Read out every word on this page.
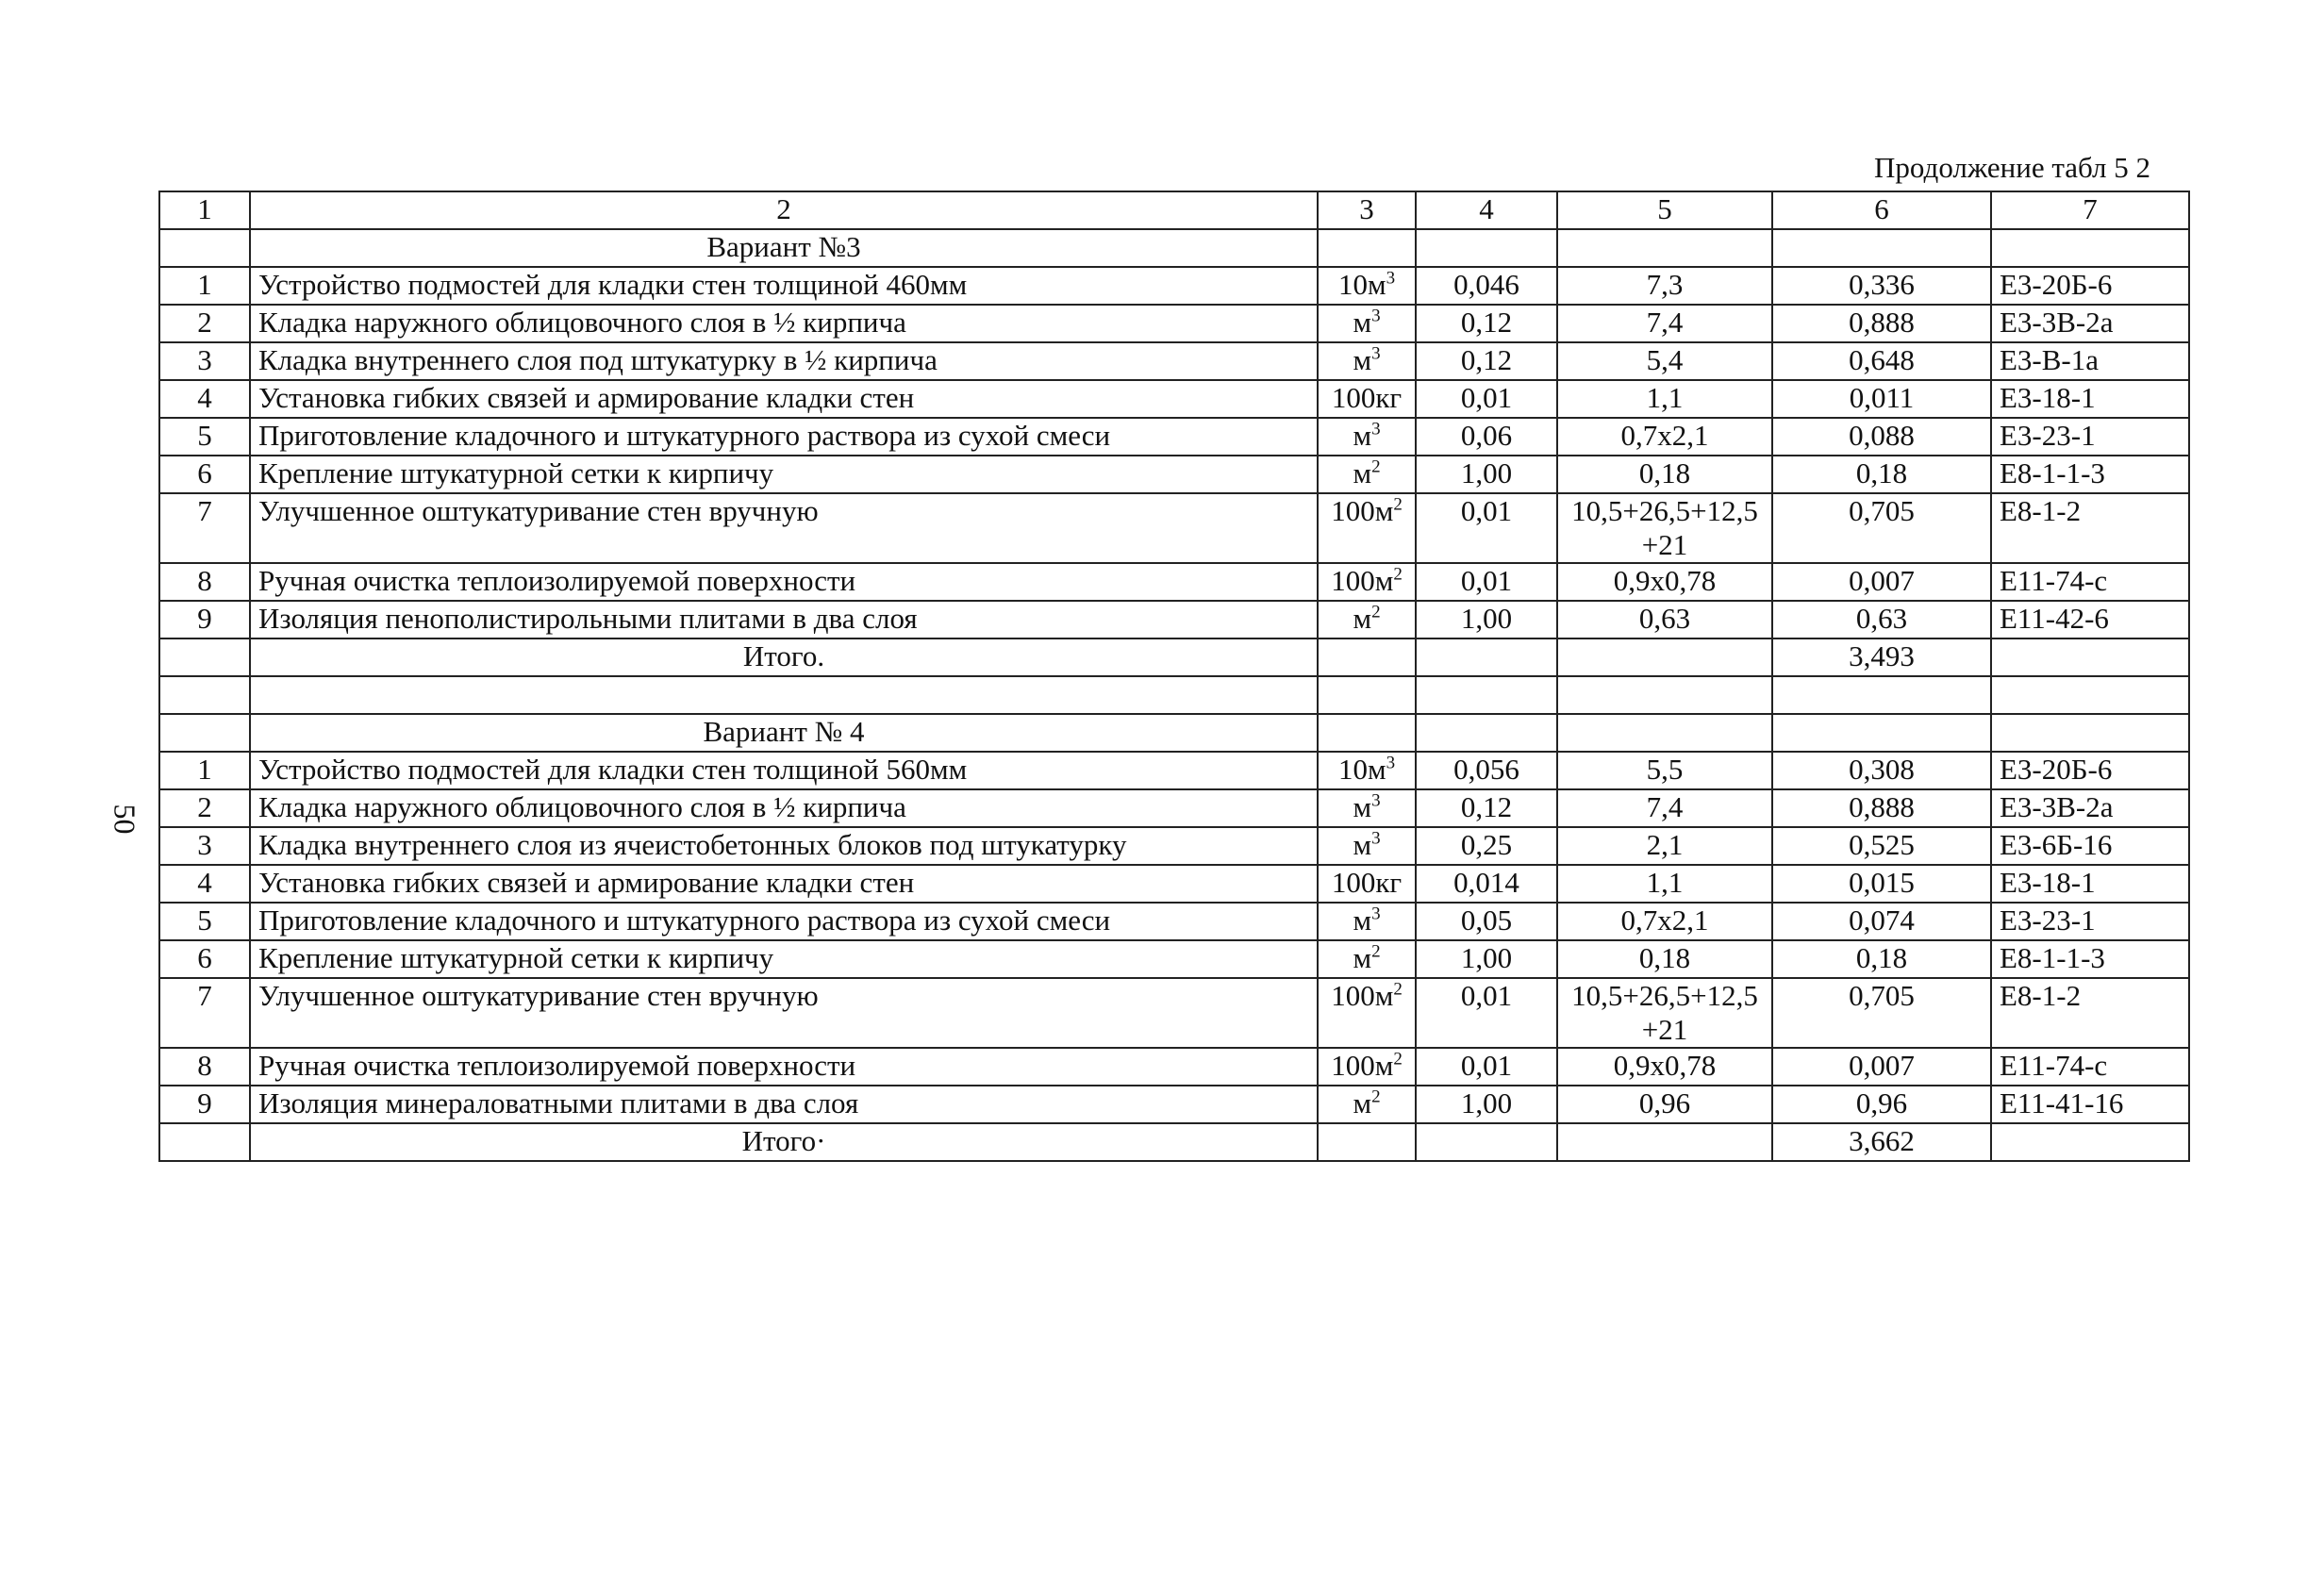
Продолжение табл 5 2
50
1	2	3	4	5	6	7
	Вариант №3					
1	Устройство подмостей для кладки стен толщиной 460мм	$10м^3$	0,046	7,3	0,336	Е3-20Б-6
2	Кладка наружного облицовочного слоя в ½ кирпича	$м^3$	0,12	7,4	0,888	Е3-3В-2а
3	Кладка внутреннего слоя под штукатурку в ½ кирпича	$м^3$	0,12	5,4	0,648	Е3-В-1а
4	Установка гибких связей и армирование кладки стен	100кг	0,01	1,1	0,011	Е3-18-1
5	Приготовление кладочного и штукатурного раствора из сухой смеси	$м^3$	0,06	0,7х2,1	0,088	Е3-23-1
6	Крепление штукатурной сетки к кирпичу	$м^2$	1,00	0,18	0,18	Е8-1-1-3
7	Улучшенное оштукатуривание стен вручную	$100м^2$	0,01	10,5+26,5+12,5 +21	0,705	Е8-1-2
8	Ручная очистка теплоизолируемой поверхности	$100м^2$	0,01	0,9х0,78	0,007	Е11-74-с
9	Изоляция пенополистирольными плитами в два слоя	$м^2$	1,00	0,63	0,63	Е11-42-6
	Итого.				3,493	

	Вариант № 4					
1	Устройство подмостей для кладки стен толщиной 560мм	$10м^3$	0,056	5,5	0,308	Е3-20Б-6
2	Кладка наружного облицовочного слоя в ½ кирпича	$м^3$	0,12	7,4	0,888	Е3-3В-2а
3	Кладка внутреннего слоя из ячеистобетонных блоков под штукатурку	$м^3$	0,25	2,1	0,525	Е3-6Б-16
4	Установка гибких связей и армирование кладки стен	100кг	0,014	1,1	0,015	Е3-18-1
5	Приготовление кладочного и штукатурного раствора из сухой смеси	$м^3$	0,05	0,7х2,1	0,074	Е3-23-1
6	Крепление штукатурной сетки к кирпичу	$м^2$	1,00	0,18	0,18	Е8-1-1-3
7	Улучшенное оштукатуривание стен вручную	$100м^2$	0,01	10,5+26,5+12,5 +21	0,705	Е8-1-2
8	Ручная очистка теплоизолируемой поверхности	$100м^2$	0,01	0,9х0,78	0,007	Е11-74-с
9	Изоляция минераловатными плитами в два слоя	$м^2$	1,00	0,96	0,96	Е11-41-16
	Итого·				3,662	
